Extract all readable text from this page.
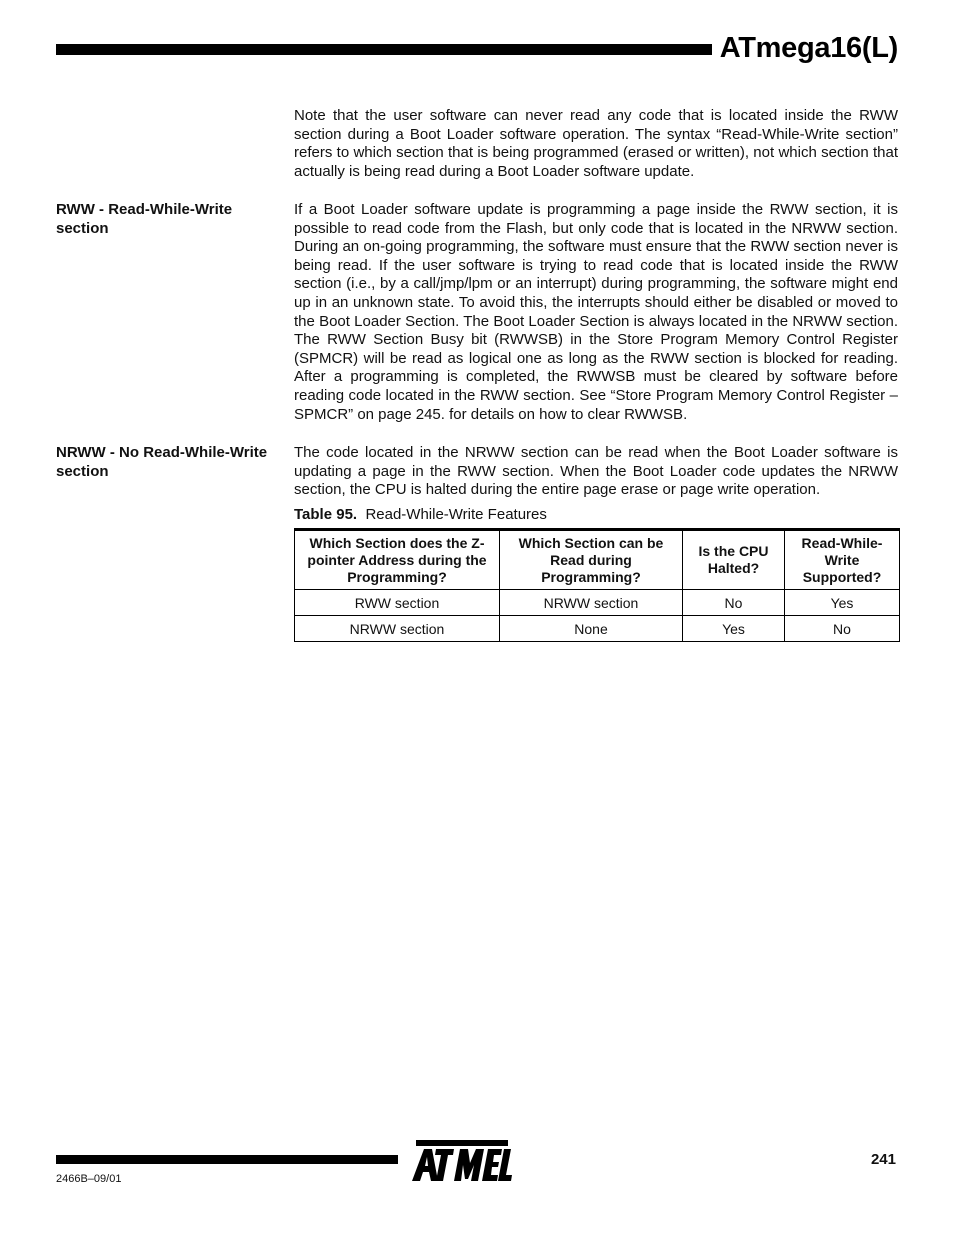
ATmega16(L)

Note that the user software can never read any code that is located inside the RWW section during a Boot Loader software operation. The syntax “Read-While-Write section” refers to which section that is being programmed (erased or written), not which section that actually is being read during a Boot Loader software update.

RWW - Read-While-Write section

If a Boot Loader software update is programming a page inside the RWW section, it is possible to read code from the Flash, but only code that is located in the NRWW section. During an on-going programming, the software must ensure that the RWW section never is being read. If the user software is trying to read code that is located inside the RWW section (i.e., by a call/jmp/lpm or an interrupt) during programming, the software might end up in an unknown state. To avoid this, the interrupts should either be disabled or moved to the Boot Loader Section. The Boot Loader Section is always located in the NRWW section. The RWW Section Busy bit (RWWSB) in the Store Program Memory Control Register (SPMCR) will be read as logical one as long as the RWW section is blocked for reading. After a programming is completed, the RWWSB must be cleared by software before reading code located in the RWW section. See “Store Program Memory Control Register – SPMCR” on page 245. for details on how to clear RWWSB.

NRWW - No Read-While-Write section

The code located in the NRWW section can be read when the Boot Loader software is updating a page in the RWW section. When the Boot Loader code updates the NRWW section, the CPU is halted during the entire page erase or page write operation.

Table 95. Read-While-Write Features

Which Section does the Z-pointer Address during the Programming?	Which Section can be Read during Programming?	Is the CPU Halted?	Read-While-Write Supported?
RWW section	NRWW section	No	Yes
NRWW section	None	Yes	No

241

2466B–09/01
